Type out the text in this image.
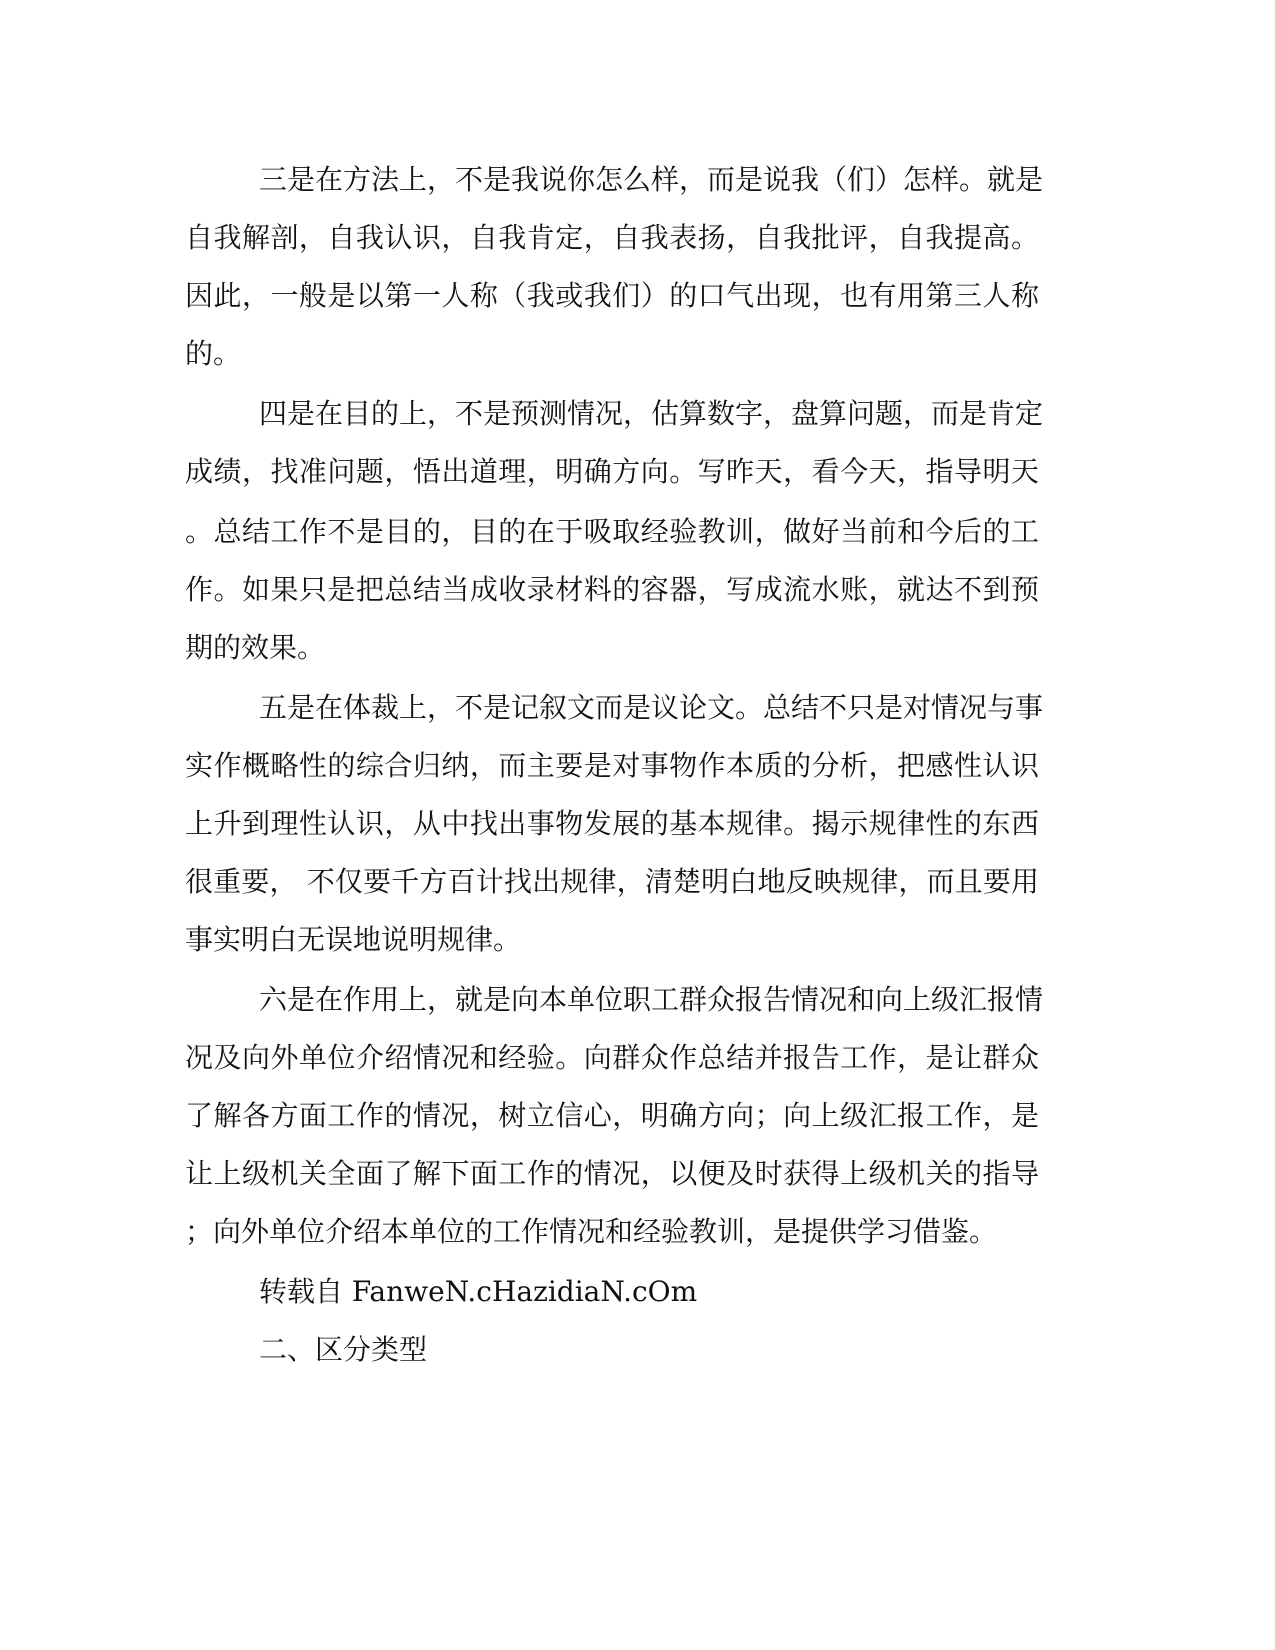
三是在方法上，不是我说你怎么样，而是说我（们）怎样。就是
自我解剖，自我认识，自我肯定，自我表扬，自我批评，自我提高。
因此，一般是以第一人称（我或我们）的口气出现，也有用第三人称
的。
四是在目的上，不是预测情况，估算数字，盘算问题，而是肯定
成绩，找准问题，悟出道理，明确方向。写昨天，看今天，指导明天
。总结工作不是目的，目的在于吸取经验教训，做好当前和今后的工
作。如果只是把总结当成收录材料的容器，写成流水账，就达不到预
期的效果。
五是在体裁上，不是记叙文而是议论文。总结不只是对情况与事
实作概略性的综合归纳，而主要是对事物作本质的分析，把感性认识
上升到理性认识，从中找出事物发展的基本规律。揭示规律性的东西
很重要， 不仅要千方百计找出规律，清楚明白地反映规律，而且要用
事实明白无误地说明规律。
六是在作用上，就是向本单位职工群众报告情况和向上级汇报情
况及向外单位介绍情况和经验。向群众作总结并报告工作，是让群众
了解各方面工作的情况，树立信心，明确方向；向上级汇报工作，是
让上级机关全面了解下面工作的情况，以便及时获得上级机关的指导
；向外单位介绍本单位的工作情况和经验教训，是提供学习借鉴。
转载自 FanweN.cHazidiaN.cOm
二、区分类型
